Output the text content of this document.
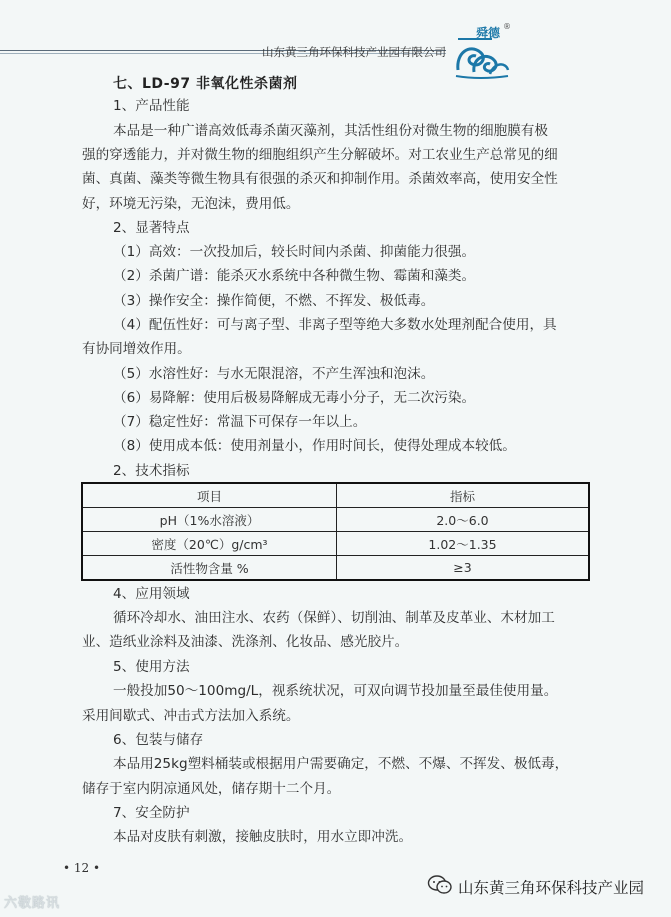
山东黄三角环保科技产业园有限公司
舜德 ®
七、LD-97 非氧化性杀菌剂
1、产品性能
本品是一种广谱高效低毒杀菌灭藻剂，其活性组份对微生物的细胞膜有极
强的穿透能力，并对微生物的细胞组织产生分解破坏。对工农业生产总常见的细
菌、真菌、藻类等微生物具有很强的杀灭和抑制作用。杀菌效率高，使用安全性
好，环境无污染，无泡沫，费用低。
2、显著特点
（1）高效：一次投加后，较长时间内杀菌、抑菌能力很强。
（2）杀菌广谱：能杀灭水系统中各种微生物、霉菌和藻类。
（3）操作安全：操作简便，不燃、不挥发、极低毒。
（4）配伍性好：可与离子型、非离子型等绝大多数水处理剂配合使用，具
有协同增效作用。
（5）水溶性好：与水无限混溶，不产生浑浊和泡沫。
（6）易降解：使用后极易降解成无毒小分子，无二次污染。
（7）稳定性好：常温下可保存一年以上。
（8）使用成本低：使用剂量小，作用时间长，使得处理成本较低。
2、技术指标
项目	指标
pH（1%水溶液）	2.0～6.0
密度（20℃）g/cm³	1.02～1.35
活性物含量 %	≥3
4、应用领域
循环冷却水、油田注水、农药（保鲜）、切削油、制革及皮革业、木材加工
业、造纸业涂料及油漆、洗涤剂、化妆品、感光胶片。
5、使用方法
一般投加50～100mg/L，视系统状况，可双向调节投加量至最佳使用量。
采用间歇式、冲击式方法加入系统。
6、包装与储存
本品用25kg塑料桶装或根据用户需要确定，不燃、不爆、不挥发、极低毒，
储存于室内阴凉通风处，储存期十二个月。
7、安全防护
本品对皮肤有刺激，接触皮肤时，用水立即冲洗。
• 12 •
六敬路讯
山东黄三角环保科技产业园
